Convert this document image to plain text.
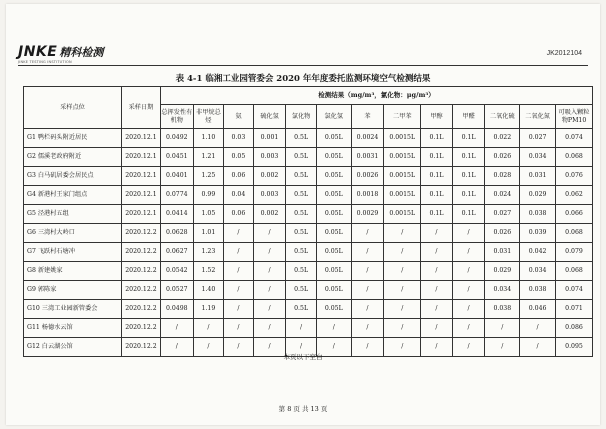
JNKE 精科检测
JINKE TESTING INSTITUTION
JK2012104
表 4-1 临湘工业园管委会 2020 年年度委托监测环境空气检测结果
采样点位	采样日期	检测结果（mg/m³，氯化物：μg/m³）												
		总挥发性有机物	非甲烷总烃	氨	硫化氢	氯化物	氯化氢	苯	二甲苯	甲醇	甲醛	二氧化硫	二氧化氮	可吸入颗粒物PM10
G1 鸭栏码头附近居民	2020.12.1	0.0492	1.10	0.03	0.001	0.5L	0.05L	0.0024	0.0015L	0.1L	0.1L	0.022	0.027	0.074
G2 儒溪老政府附近	2020.12.1	0.0451	1.21	0.05	0.003	0.5L	0.05L	0.0031	0.0015L	0.1L	0.1L	0.026	0.034	0.068
G3 白马矶居委会居民点	2020.12.1	0.0401	1.25	0.06	0.002	0.5L	0.05L	0.0026	0.0015L	0.1L	0.1L	0.028	0.031	0.076
G4 新港村王家门组点	2020.12.1	0.0774	0.99	0.04	0.003	0.5L	0.05L	0.0018	0.0015L	0.1L	0.1L	0.024	0.029	0.062
G5 泾港村五组	2020.12.1	0.0414	1.05	0.06	0.002	0.5L	0.05L	0.0029	0.0015L	0.1L	0.1L	0.027	0.038	0.066
G6 三湾村大岭口	2020.12.2	0.0628	1.01	/	/	0.5L	0.05L	/	/	/	/	0.026	0.039	0.068
G7 飞跃村石塘冲	2020.12.2	0.0627	1.23	/	/	0.5L	0.05L	/	/	/	/	0.031	0.042	0.079
G8 新建姚家	2020.12.2	0.0542	1.52	/	/	0.5L	0.05L	/	/	/	/	0.029	0.034	0.068
G9 郭陈家	2020.12.2	0.0527	1.40	/	/	0.5L	0.05L	/	/	/	/	0.034	0.038	0.074
G10 三湾工业园新管委会	2020.12.2	0.0498	1.19	/	/	0.5L	0.05L	/	/	/	/	0.038	0.046	0.071
G11 杨德水云馆	2020.12.2	/	/	/	/	/	/	/	/	/	/	/	/	0.086
G12 白云湖公馆	2020.12.2	/	/	/	/	/	/	/	/	/	/	/	/	0.095
本页以下空白
第 8 页 共 13 页
